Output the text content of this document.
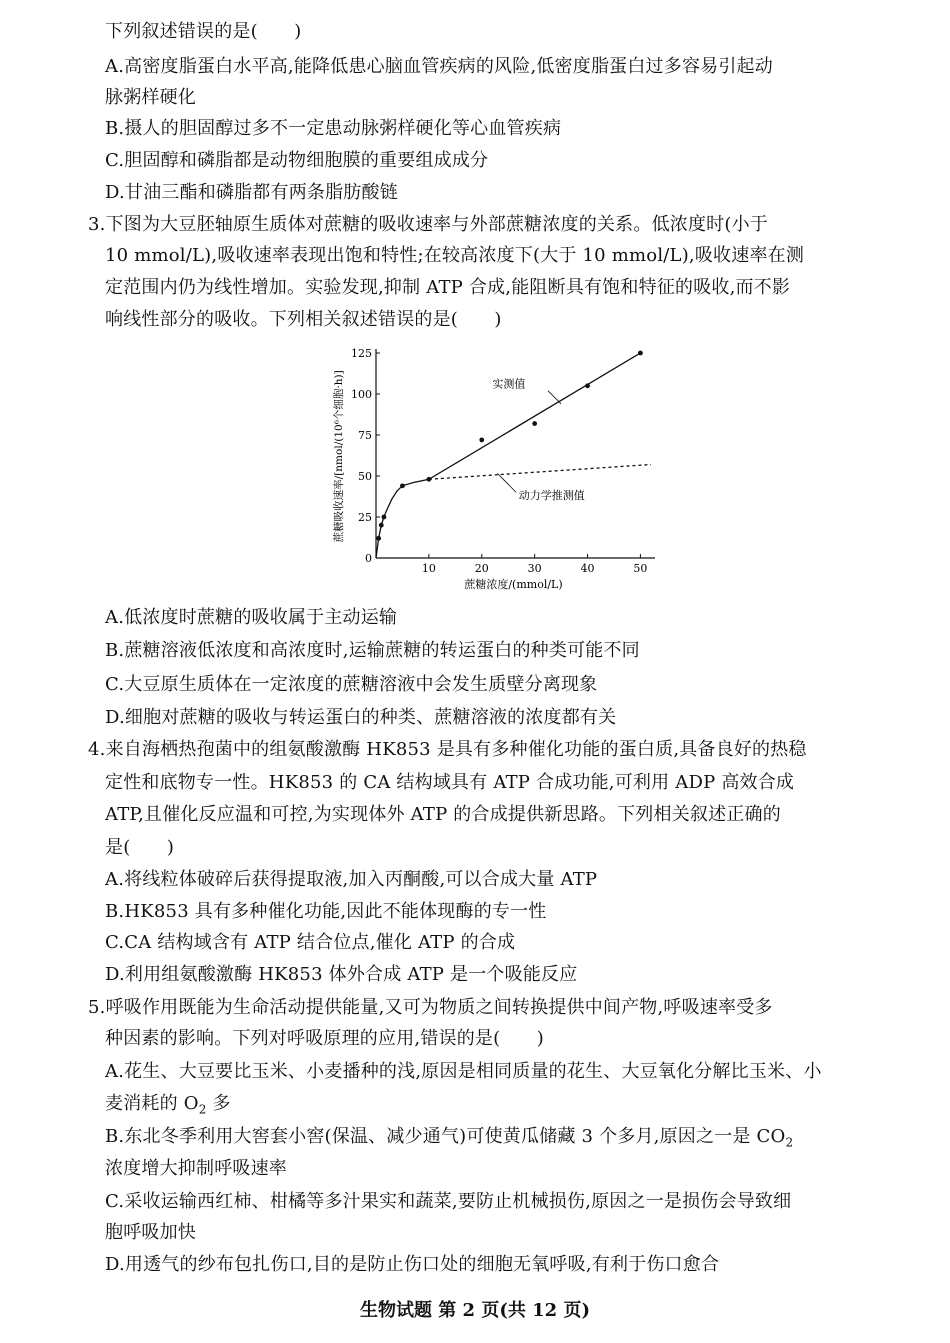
下列叙述错误的是(　　)
A.高密度脂蛋白水平高,能降低患心脑血管疾病的风险,低密度脂蛋白过多容易引起动
脉粥样硬化
B.摄人的胆固醇过多不一定患动脉粥样硬化等心血管疾病
C.胆固醇和磷脂都是动物细胞膜的重要组成成分
D.甘油三酯和磷脂都有两条脂肪酸链
3.下图为大豆胚轴原生质体对蔗糖的吸收速率与外部蔗糖浓度的关系。低浓度时(小于
10 mmol/L),吸收速率表现出饱和特性;在较高浓度下(大于 10 mmol/L),吸收速率在测
定范围内仍为线性增加。实验发现,抑制 ATP 合成,能阻断具有饱和特征的吸收,而不影
响线性部分的吸收。下列相关叙述错误的是(　　)
10	20	30	40	50
0
25
50
75
100
125
蔗糖浓度/(mmol/L)
蔗糖吸收速率/[nmol/(10⁶个细胞·h)]	实测值
动力学推测值
A.低浓度时蔗糖的吸收属于主动运输
B.蔗糖溶液低浓度和高浓度时,运输蔗糖的转运蛋白的种类可能不同
C.大豆原生质体在一定浓度的蔗糖溶液中会发生质壁分离现象
D.细胞对蔗糖的吸收与转运蛋白的种类、蔗糖溶液的浓度都有关
4.来自海栖热孢菌中的组氨酸激酶 HK853 是具有多种催化功能的蛋白质,具备良好的热稳
定性和底物专一性。HK853 的 CA 结构域具有 ATP 合成功能,可利用 ADP 高效合成
ATP,且催化反应温和可控,为实现体外 ATP 的合成提供新思路。下列相关叙述正确的
是(　　)
A.将线粒体破碎后获得提取液,加入丙酮酸,可以合成大量 ATP
B.HK853 具有多种催化功能,因此不能体现酶的专一性
C.CA 结构域含有 ATP 结合位点,催化 ATP 的合成
D.利用组氨酸激酶 HK853 体外合成 ATP 是一个吸能反应
5.呼吸作用既能为生命活动提供能量,又可为物质之间转换提供中间产物,呼吸速率受多
种因素的影响。下列对呼吸原理的应用,错误的是(　　)
A.花生、大豆要比玉米、小麦播种的浅,原因是相同质量的花生、大豆氧化分解比玉米、小
麦消耗的 $O_2$ 多
B.东北冬季利用大窖套小窖(保温、减少通气)可使黄瓜储藏 3 个多月,原因之一是 $CO_2$
浓度增大抑制呼吸速率
C.采收运输西红柿、柑橘等多汁果实和蔬菜,要防止机械损伤,原因之一是损伤会导致细
胞呼吸加快
D.用透气的纱布包扎伤口,目的是防止伤口处的细胞无氧呼吸,有利于伤口愈合
生物试题 第 2 页(共 12 页)
